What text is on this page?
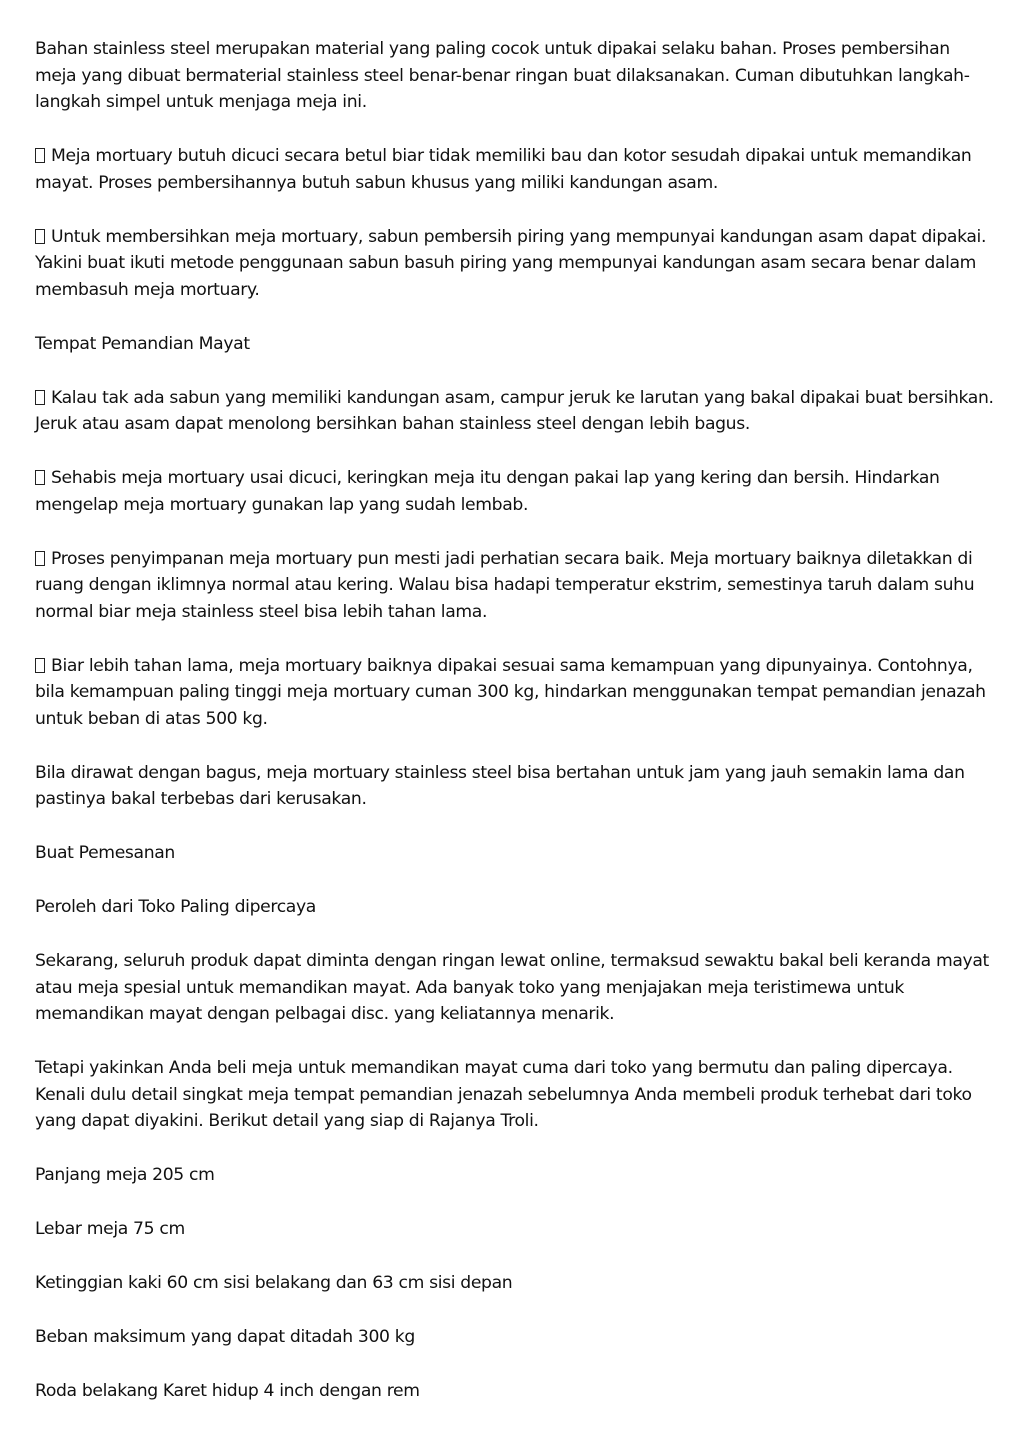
Bahan stainless steel merupakan material yang paling cocok untuk dipakai selaku bahan. Proses pembersihan meja yang dibuat bermaterial stainless steel benar-benar ringan buat dilaksanakan. Cuman dibutuhkan langkah-langkah simpel untuk menjaga meja ini.

Meja mortuary butuh dicuci secara betul biar tidak memiliki bau dan kotor sesudah dipakai untuk memandikan mayat. Proses pembersihannya butuh sabun khusus yang miliki kandungan asam.

Untuk membersihkan meja mortuary, sabun pembersih piring yang mempunyai kandungan asam dapat dipakai. Yakini buat ikuti metode penggunaan sabun basuh piring yang mempunyai kandungan asam secara benar dalam membasuh meja mortuary.

Tempat Pemandian Mayat

Kalau tak ada sabun yang memiliki kandungan asam, campur jeruk ke larutan yang bakal dipakai buat bersihkan. Jeruk atau asam dapat menolong bersihkan bahan stainless steel dengan lebih bagus.

Sehabis meja mortuary usai dicuci, keringkan meja itu dengan pakai lap yang kering dan bersih. Hindarkan mengelap meja mortuary gunakan lap yang sudah lembab.

Proses penyimpanan meja mortuary pun mesti jadi perhatian secara baik. Meja mortuary baiknya diletakkan di ruang dengan iklimnya normal atau kering. Walau bisa hadapi temperatur ekstrim, semestinya taruh dalam suhu normal biar meja stainless steel bisa lebih tahan lama.

Biar lebih tahan lama, meja mortuary baiknya dipakai sesuai sama kemampuan yang dipunyainya. Contohnya, bila kemampuan paling tinggi meja mortuary cuman 300 kg, hindarkan menggunakan tempat pemandian jenazah untuk beban di atas 500 kg.

Bila dirawat dengan bagus, meja mortuary stainless steel bisa bertahan untuk jam yang jauh semakin lama dan pastinya bakal terbebas dari kerusakan.

Buat Pemesanan

Peroleh dari Toko Paling dipercaya

Sekarang, seluruh produk dapat diminta dengan ringan lewat online, termaksud sewaktu bakal beli keranda mayat atau meja spesial untuk memandikan mayat. Ada banyak toko yang menjajakan meja teristimewa untuk memandikan mayat dengan pelbagai disc. yang keliatannya menarik.

Tetapi yakinkan Anda beli meja untuk memandikan mayat cuma dari toko yang bermutu dan paling dipercaya. Kenali dulu detail singkat meja tempat pemandian jenazah sebelumnya Anda membeli produk terhebat dari toko yang dapat diyakini. Berikut detail yang siap di Rajanya Troli.

Panjang meja 205 cm

Lebar meja 75 cm

Ketinggian kaki 60 cm sisi belakang dan 63 cm sisi depan

Beban maksimum yang dapat ditadah 300 kg

Roda belakang Karet hidup 4 inch dengan rem
